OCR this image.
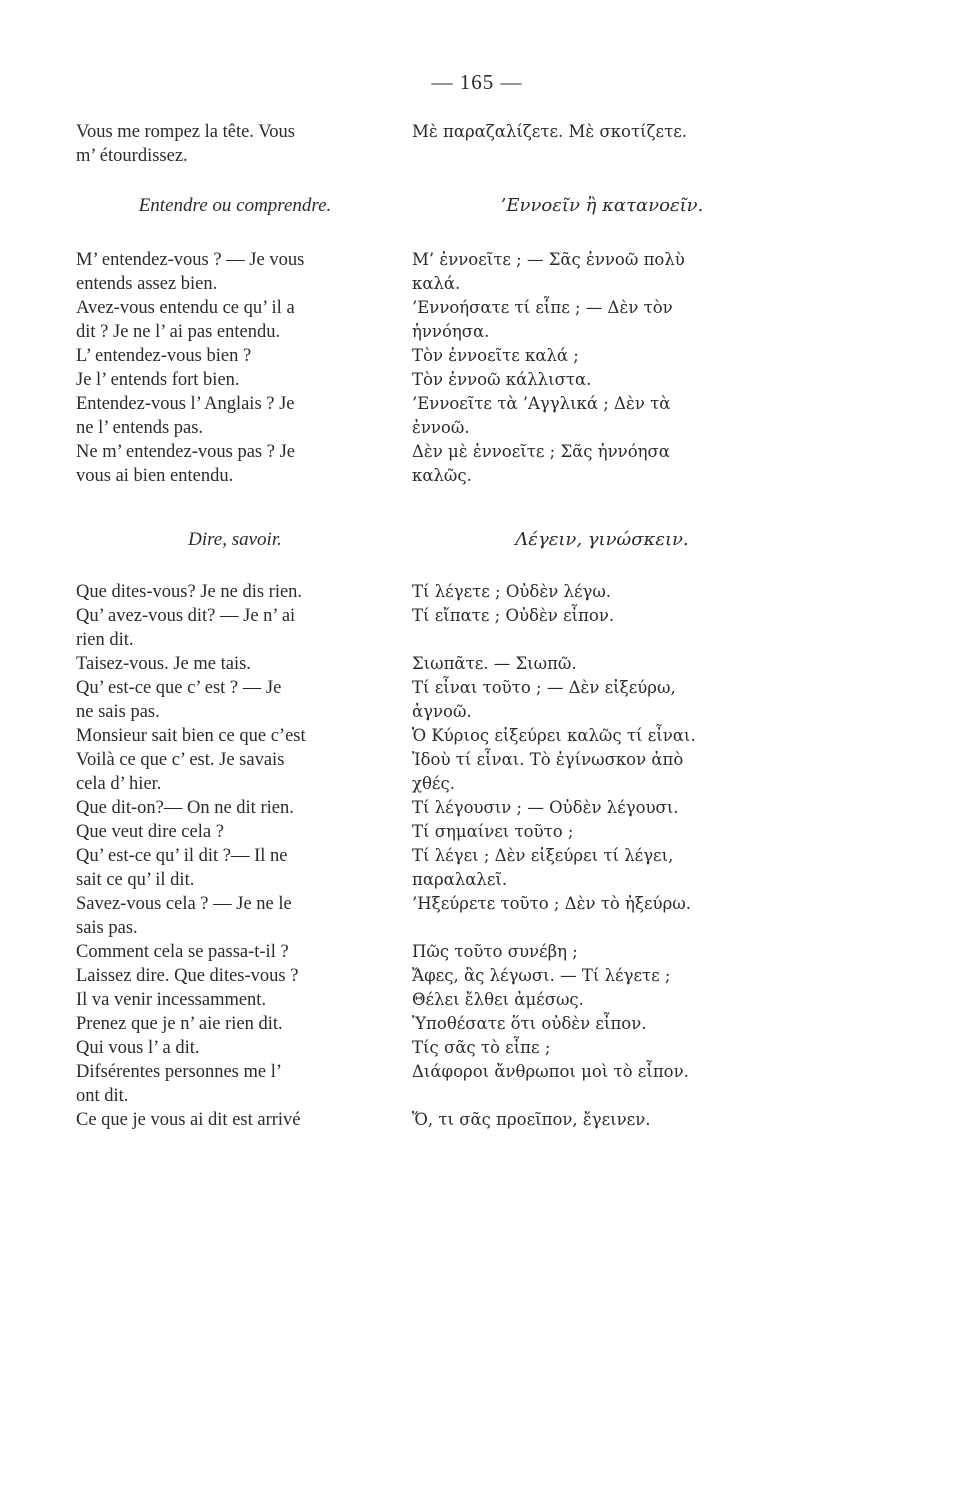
— 165 —
Vous me rompez la tête. Vous
m’ étourdissez.
Entendre ou comprendre.
M’ entendez-vous ? — Je vous
entends assez bien.
Avez-vous entendu ce qu’ il a
dit ? Je ne l’ ai pas entendu.
L’ entendez-vous bien ?
Je l’ entends fort bien.
Entendez-vous l’ Anglais ? Je
ne l’ entends pas.
Ne m’ entendez-vous pas ? Je
vous ai bien entendu.
Dire, savoir.
Que dites-vous? Je ne dis rien.
Qu’ avez-vous dit? — Je n’ ai
rien dit.
Taisez-vous. Je me tais.
Qu’ est-ce que c’ est ? — Je
ne sais pas.
Monsieur sait bien ce que c’est
Voilà ce que c’ est. Je savais
cela d’ hier.
Que dit-on?— On ne dit rien.
Que veut dire cela ?
Qu’ est-ce qu’ il dit ?— Il ne
sait ce qu’ il dit.
Savez-vous cela ? — Je ne le
sais pas.
Comment cela se passa-t-il ?
Laissez dire. Que dites-vous ?
Il va venir incessamment.
Prenez que je n’ aie rien dit.
Qui vous l’ a dit.
Difsérentes personnes me l’
ont dit.
Ce que je vous ai dit est arrivé
Μὲ παραζαλίζετε. Μὲ σκοτίζετε.
’Εννοεῖν ἢ κατανοεῖν.
Μ’ ἐννοεῖτε ; — Σᾶς ἐννοῶ πολὺ
καλά.
’Εννοήσατε τί εἶπε ; — Δὲν τὸν
ἠννόησα.
Τὸν ἐννοεῖτε καλά ;
Τὸν ἐννοῶ κάλλιστα.
’Εννοεῖτε τὰ ’Αγγλικά ; Δὲν τὰ
ἐννοῶ.
Δὲν μὲ ἐννοεῖτε ; Σᾶς ἠννόησα
καλῶς.
Λέγειν, γινώσκειν.
Τί λέγετε ; Οὐδὲν λέγω.
Τί εἴπατε ; Οὐδὲν εἶπον.
Σιωπᾶτε. — Σιωπῶ.
Τί εἶναι τοῦτο ; — Δὲν εἰξεύρω,
ἀγνοῶ.
Ὁ Κύριος εἰξεύρει καλῶς τί εἶναι.
Ἰδοὺ τί εἶναι. Τὸ ἐγίνωσκον ἀπὸ
χθές.
Τί λέγουσιν ; — Οὐδὲν λέγουσι.
Τί σημαίνει τοῦτο ;
Τί λέγει ; Δὲν εἰξεύρει τί λέγει,
παραλαλεῖ.
’Ηξεύρετε τοῦτο ; Δὲν τὸ ἠξεύρω.
Πῶς τοῦτο συνέβη ;
Ἄφες, ἂς λέγωσι. — Τί λέγετε ;
Θέλει ἔλθει ἀμέσως.
Ὑποθέσατε ὅτι οὐδὲν εἶπον.
Τίς σᾶς τὸ εἶπε ;
Διάφοροι ἄνθρωποι μοὶ τὸ εἶπον.
Ὅ, τι σᾶς προεῖπον, ἔγεινεν.
